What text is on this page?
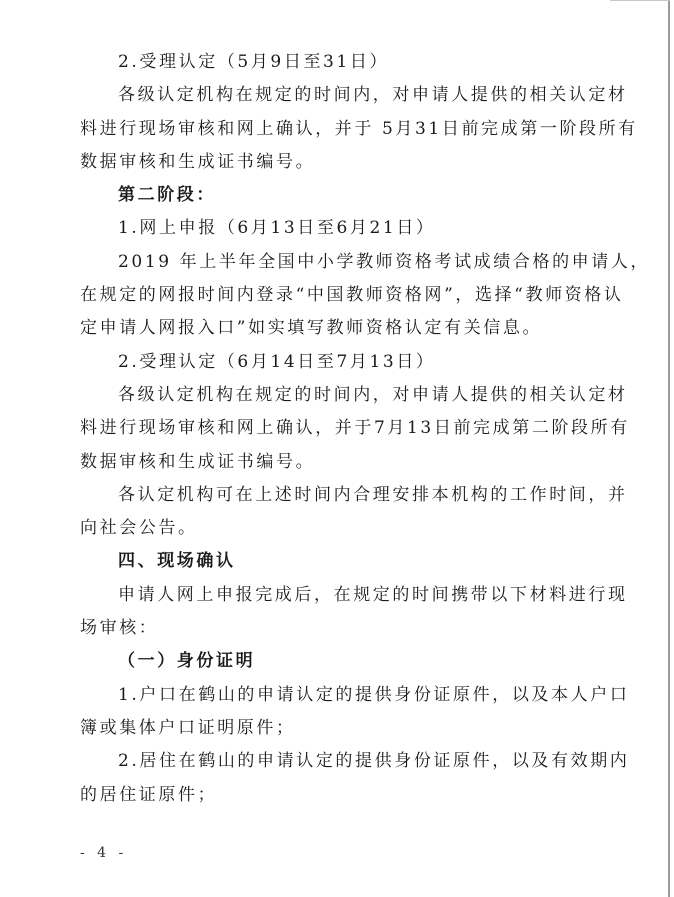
2.受理认定（5月9日至31日）
各级认定机构在规定的时间内，对申请人提供的相关认定材
料进行现场审核和网上确认，并于 5月31日前完成第一阶段所有
数据审核和生成证书编号。
第二阶段：
1.网上申报（6月13日至6月21日）
2019 年上半年全国中小学教师资格考试成绩合格的申请人，
在规定的网报时间内登录“中国教师资格网”，选择“教师资格认
定申请人网报入口”如实填写教师资格认定有关信息。
2.受理认定（6月14日至7月13日）
各级认定机构在规定的时间内，对申请人提供的相关认定材
料进行现场审核和网上确认，并于7月13日前完成第二阶段所有
数据审核和生成证书编号。
各认定机构可在上述时间内合理安排本机构的工作时间，并
向社会公告。
四、现场确认
申请人网上申报完成后，在规定的时间携带以下材料进行现
场审核：
（一）身份证明
1.户口在鹤山的申请认定的提供身份证原件，以及本人户口
簿或集体户口证明原件；
2.居住在鹤山的申请认定的提供身份证原件，以及有效期内
的居住证原件；
- 4 -
